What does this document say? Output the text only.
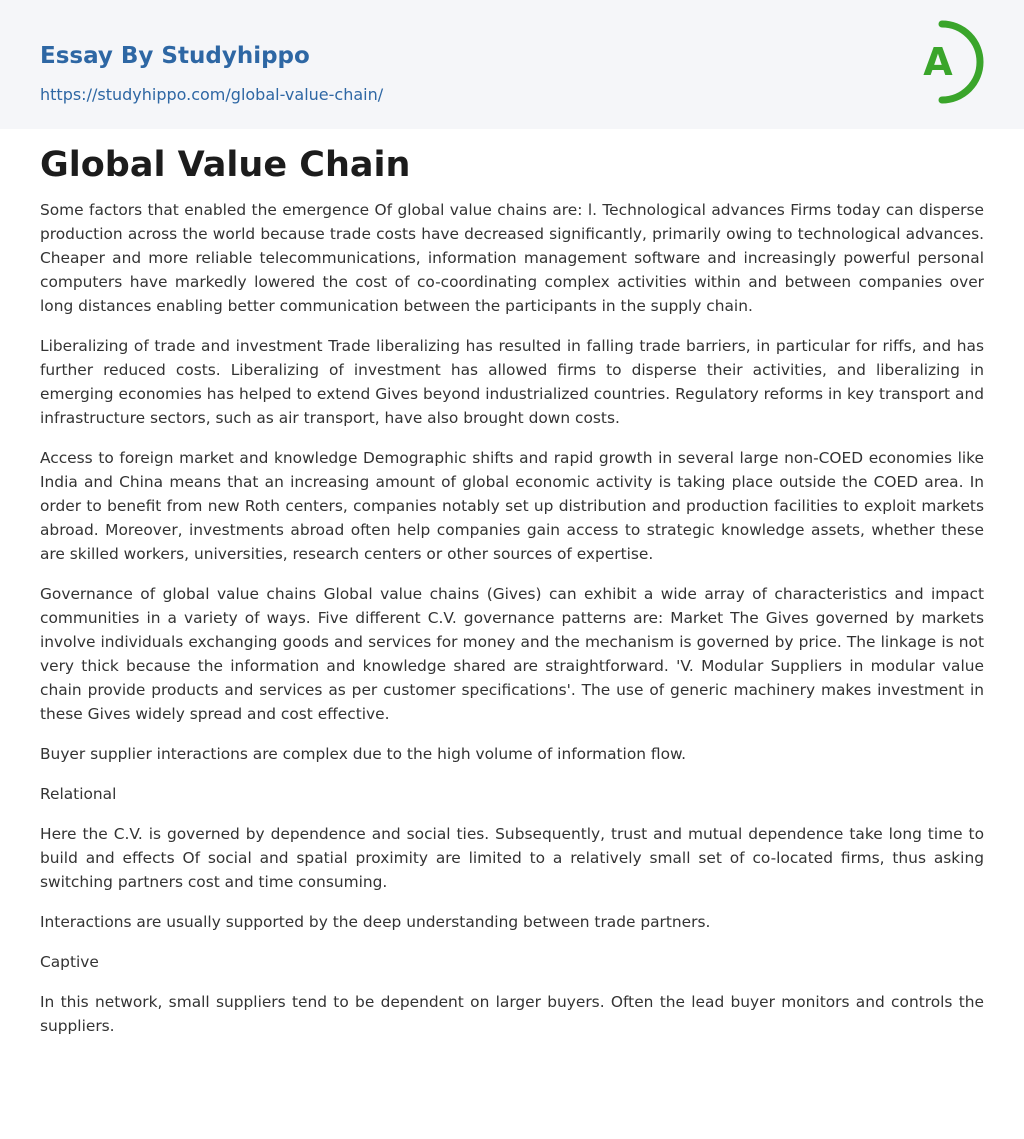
Essay By Studyhippo
https://studyhippo.com/global-value-chain/
A
Global Value Chain

Some factors that enabled the emergence Of global value chains are: l. Technological advances Firms today can disperse production across the world because trade costs have decreased significantly, primarily owing to technological advances. Cheaper and more reliable telecommunications, information management software and increasingly powerful personal computers have markedly lowered the cost of co-coordinating complex activities within and between companies over long distances enabling better communication between the participants in the supply chain.

Liberalizing of trade and investment Trade liberalizing has resulted in falling trade barriers, in particular for riffs, and has further reduced costs. Liberalizing of investment has allowed firms to disperse their activities, and liberalizing in emerging economies has helped to extend Gives beyond industrialized countries. Regulatory reforms in key transport and infrastructure sectors, such as air transport, have also brought down costs.

Access to foreign market and knowledge Demographic shifts and rapid growth in several large non-COED economies like India and China means that an increasing amount of global economic activity is taking place outside the COED area. In order to benefit from new Roth centers, companies notably set up distribution and production facilities to exploit markets abroad. Moreover, investments abroad often help companies gain access to strategic knowledge assets, whether these are skilled workers, universities, research centers or other sources of expertise.

Governance of global value chains Global value chains (Gives) can exhibit a wide array of characteristics and impact communities in a variety of ways. Five different C.V. governance patterns are: Market The Gives governed by markets involve individuals exchanging goods and services for money and the mechanism is governed by price. The linkage is not very thick because the information and knowledge shared are straightforward. 'V. Modular Suppliers in modular value chain provide products and services as per customer specifications'. The use of generic machinery makes investment in these Gives widely spread and cost effective.

Buyer supplier interactions are complex due to the high volume of information flow.

Relational

Here the C.V. is governed by dependence and social ties. Subsequently, trust and mutual dependence take long time to build and effects Of social and spatial proximity are limited to a relatively small set of co-located firms, thus asking switching partners cost and time consuming.

Interactions are usually supported by the deep understanding between trade partners.

Captive

In this network, small suppliers tend to be dependent on larger buyers. Often the lead buyer monitors and controls the suppliers.
